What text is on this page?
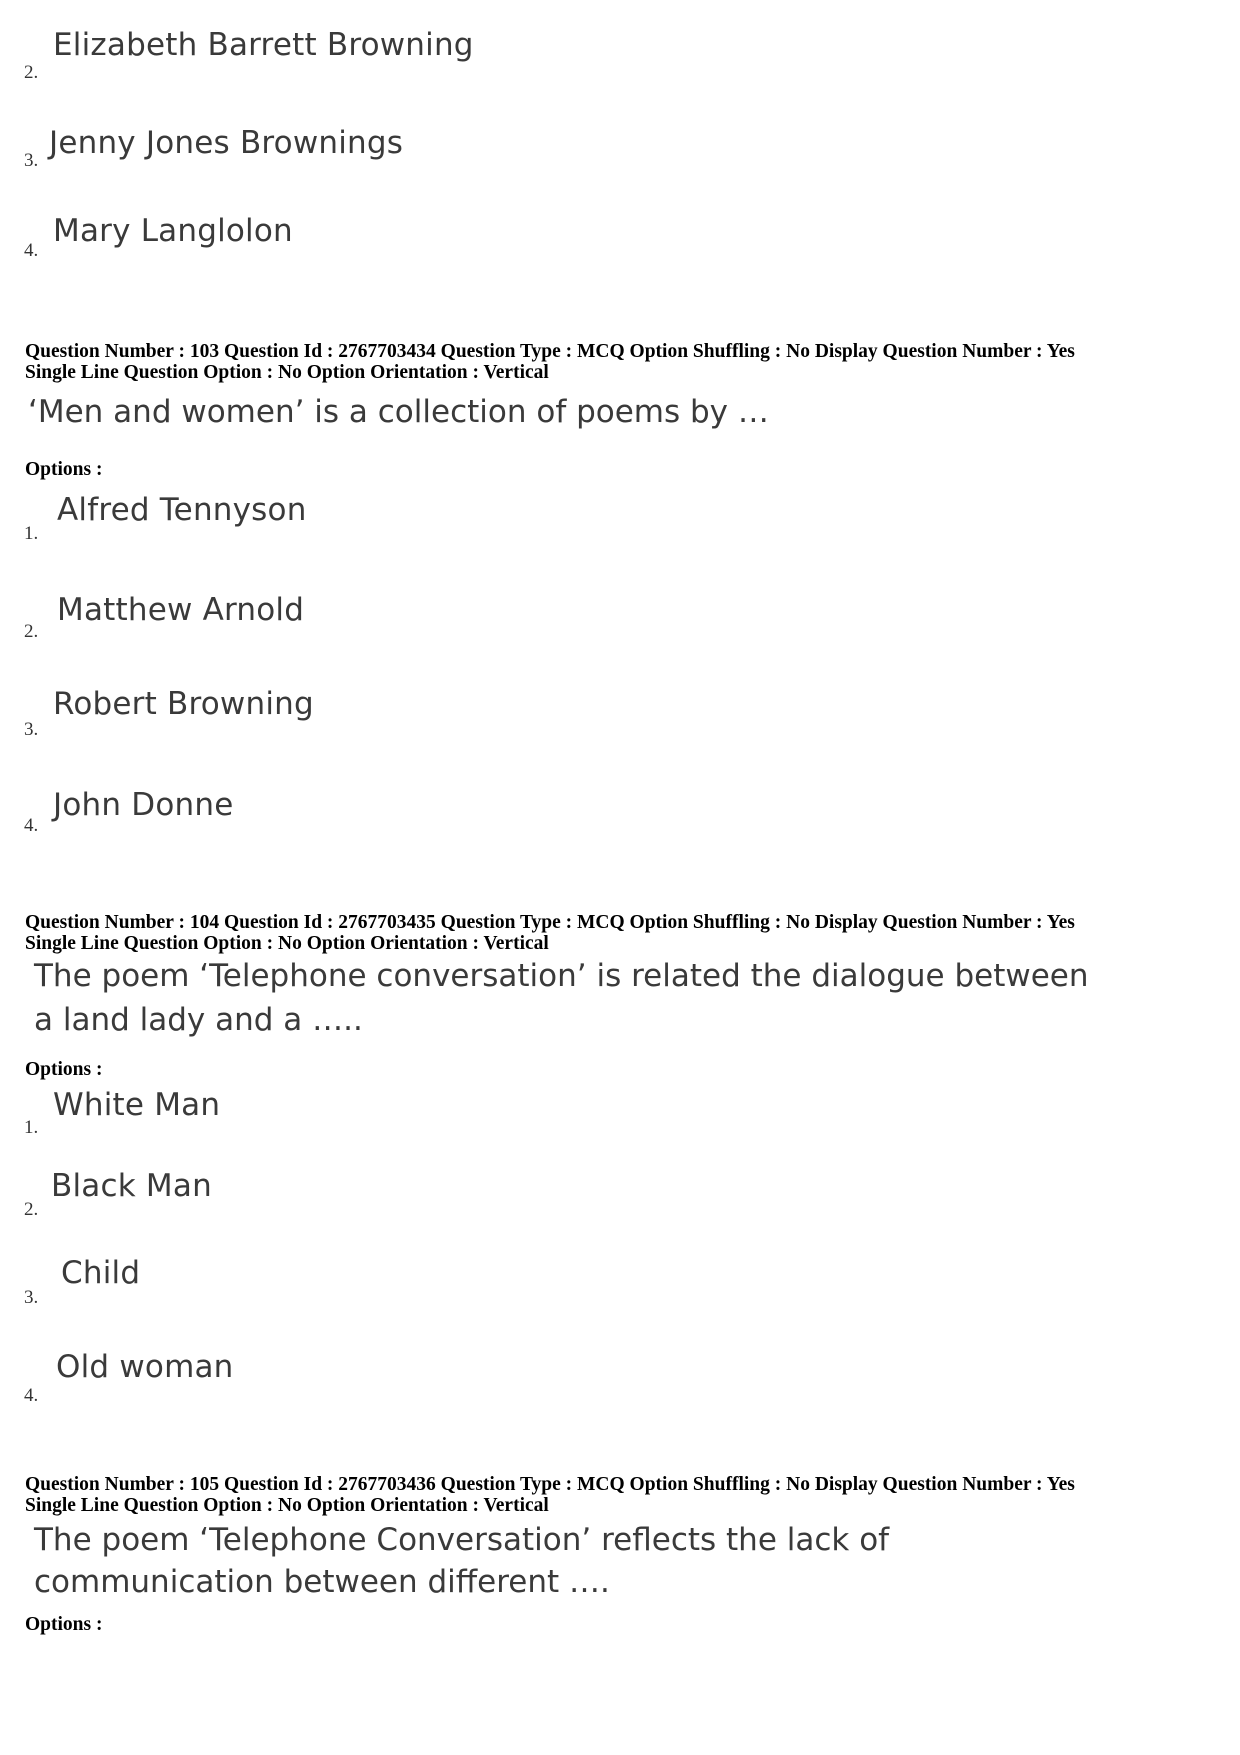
2.
Elizabeth Barrett Browning
3. Jenny Jones Brownings
4.
Mary Langlolon
Question Number : 103 Question Id : 2767703434 Question Type : MCQ Option Shuffling : No Display Question Number : Yes
Single Line Question Option : No Option Orientation : Vertical
‘Men and women’ is a collection of poems by …
Options :
1.
Alfred Tennyson
2.
Matthew Arnold
3.
Robert Browning
4.
John Donne
Question Number : 104 Question Id : 2767703435 Question Type : MCQ Option Shuffling : No Display Question Number : Yes
Single Line Question Option : No Option Orientation : Vertical
The poem ‘Telephone conversation’ is related the dialogue between
a land lady and a …..
Options :
1.
White Man
2.
Black Man
3.
Child
4.
Old woman
Question Number : 105 Question Id : 2767703436 Question Type : MCQ Option Shuffling : No Display Question Number : Yes
Single Line Question Option : No Option Orientation : Vertical
The poem ‘Telephone Conversation’ reflects the lack of
communication between different ….
Options :
